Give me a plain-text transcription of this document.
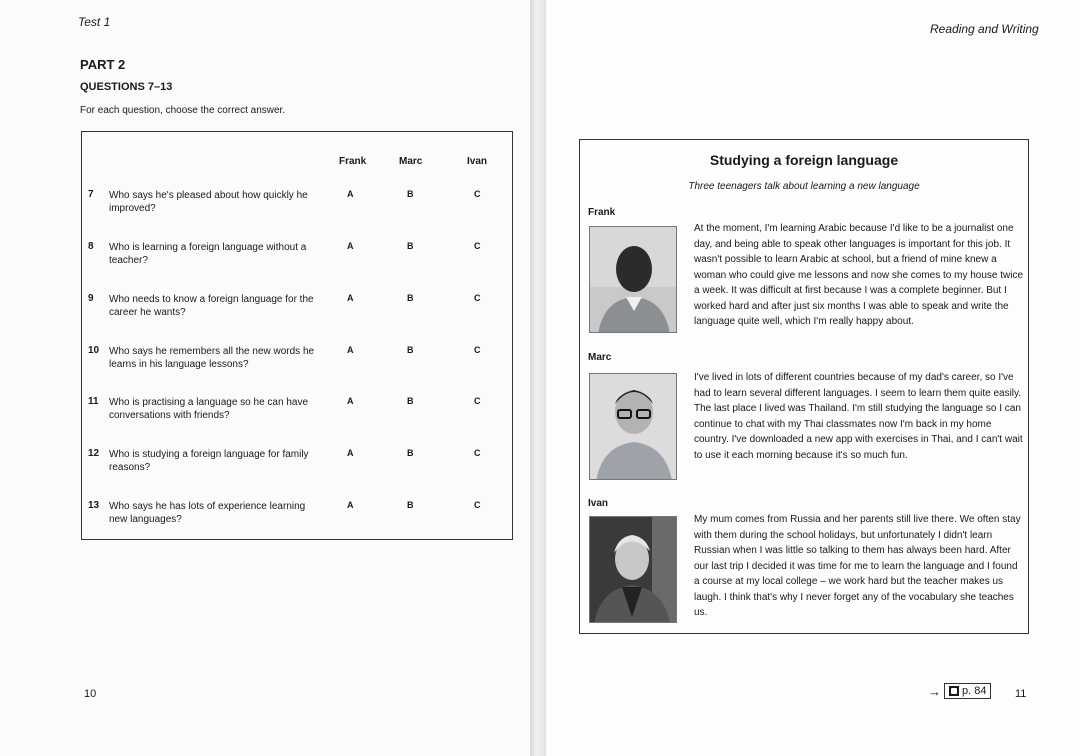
Test 1
PART 2
QUESTIONS 7–13
For each question, choose the correct answer.
Frank	Marc	Ivan
7 Who says he's pleased about how quickly he improved?
A	B	C
8 Who is learning a foreign language without a teacher?
A	B	C
9 Who needs to know a foreign language for the career he wants?
A	B	C
10 Who says he remembers all the new words he learns in his language lessons?
A	B	C
11 Who is practising a language so he can have conversations with friends?
A	B	C
12 Who is studying a foreign language for family reasons?
A	B	C
13 Who says he has lots of experience learning new languages?
A	B	C
10
Reading and Writing
Studying a foreign language
Three teenagers talk about learning a new language
Frank
At the moment, I'm learning Arabic because I'd like to be a journalist one day, and being able to speak other languages is important for this job. It wasn't possible to learn Arabic at school, but a friend of mine knew a woman who could give me lessons and now she comes to my house twice a week. It was difficult at first because I was a complete beginner. But I worked hard and after just six months I was able to speak and write the language quite well, which I'm really happy about.
Marc
I've lived in lots of different countries because of my dad's career, so I've had to learn several different languages. I seem to learn them quite easily. The last place I lived was Thailand. I'm still studying the language so I can continue to chat with my Thai classmates now I'm back in my home country. I've downloaded a new app with exercises in Thai, and I can't wait to use it each morning because it's so much fun.
Ivan
My mum comes from Russia and her parents still live there. We often stay with them during the school holidays, but unfortunately I didn't learn Russian when I was little so talking to them has always been hard. After our last trip I decided it was time for me to learn the language and I found a course at my local college – we work hard but the teacher makes us laugh. I think that's why I never forget any of the vocabulary she teaches us.
→ p. 84	11
